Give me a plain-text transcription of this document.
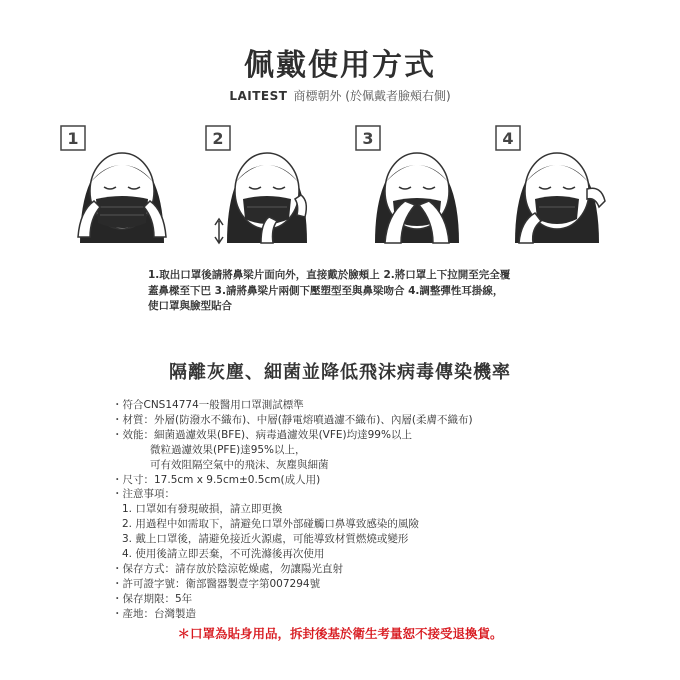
佩戴使用方式
LAITEST 商標朝外 (於佩戴者臉頰右側)
1	2	3	4
1.取出口罩後請將鼻梁片面向外，直接戴於臉頰上 2.將口罩上下拉開至完全覆
蓋鼻樑至下巴 3.請將鼻梁片兩側下壓塑型至與鼻梁吻合 4.調整彈性耳掛線，
使口罩與臉型貼合
隔離灰塵、細菌並降低飛沫病毒傳染機率
・符合CNS14774一般醫用口罩測試標準
・材質：外層(防潑水不織布)、中層(靜電熔噴過濾不織布)、內層(柔膚不織布)
・效能：細菌過濾效果(BFE)、病毒過濾效果(VFE)均達99%以上
微粒過濾效果(PFE)達95%以上，
可有效阻隔空氣中的飛沫、灰塵與細菌
・尺寸：17.5cm x 9.5cm±0.5cm(成人用)
・注意事項：
1. 口罩如有發現破損，請立即更換
2. 用過程中如需取下，請避免口罩外部碰觸口鼻導致感染的風險
3. 戴上口罩後，請避免接近火源處，可能導致材質燃燒或變形
4. 使用後請立即丟棄，不可洗滌後再次使用
・保存方式：請存放於陰涼乾燥處，勿讓陽光直射
・許可證字號：衛部醫器製壹字第007294號
・保存期限：5年
・產地：台灣製造
＊口罩為貼身用品，拆封後基於衛生考量恕不接受退換貨。
